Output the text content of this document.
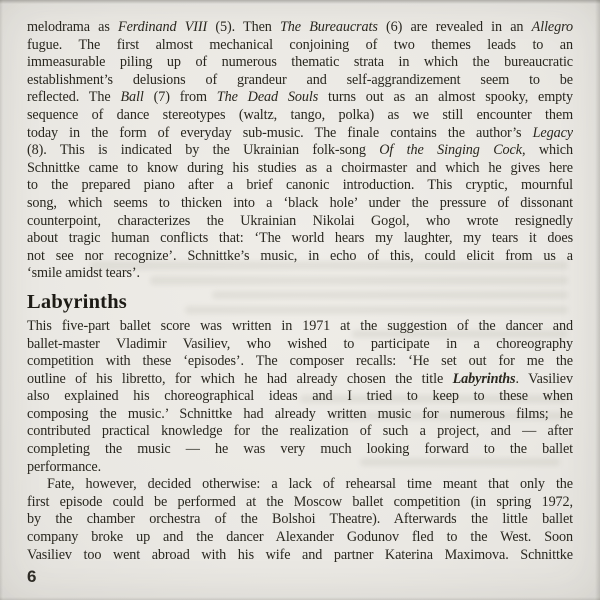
melodrama as Ferdinand VIII (5). Then The Bureaucrats (6) are revealed in an Allegro
fugue. The first almost mechanical conjoining of two themes leads to an
immeasurable piling up of numerous thematic strata in which the bureaucratic
establishment’s delusions of grandeur and self-aggrandizement seem to be
reflected. The Ball (7) from The Dead Souls turns out as an almost spooky, empty
sequence of dance stereotypes (waltz, tango, polka) as we still encounter them
today in the form of everyday sub-music. The finale contains the author’s Legacy
(8). This is indicated by the Ukrainian folk-song Of the Singing Cock, which
Schnittke came to know during his studies as a choirmaster and which he gives here
to the prepared piano after a brief canonic introduction. This cryptic, mournful
song, which seems to thicken into a ‘black hole’ under the pressure of dissonant
counterpoint, characterizes the Ukrainian Nikolai Gogol, who wrote resignedly
about tragic human conflicts that: ‘The world hears my laughter, my tears it does
not see nor recognize’. Schnittke’s music, in echo of this, could elicit from us a
‘smile amidst tears’.
Labyrinths
This five-part ballet score was written in 1971 at the suggestion of the dancer and
ballet-master Vladimir Vasiliev, who wished to participate in a choreography
competition with these ‘episodes’. The composer recalls: ‘He set out for me the
outline of his libretto, for which he had already chosen the title Labyrinths. Vasiliev
also explained his choreographical ideas and I tried to keep to these when
composing the music.’ Schnittke had already written music for numerous films; he
contributed practical knowledge for the realization of such a project, and — after
completing the music — he was very much looking forward to the ballet
performance.
Fate, however, decided otherwise: a lack of rehearsal time meant that only the
first episode could be performed at the Moscow ballet competition (in spring 1972,
by the chamber orchestra of the Bolshoi Theatre). Afterwards the little ballet
company broke up and the dancer Alexander Godunov fled to the West. Soon
Vasiliev too went abroad with his wife and partner Katerina Maximova. Schnittke
6
